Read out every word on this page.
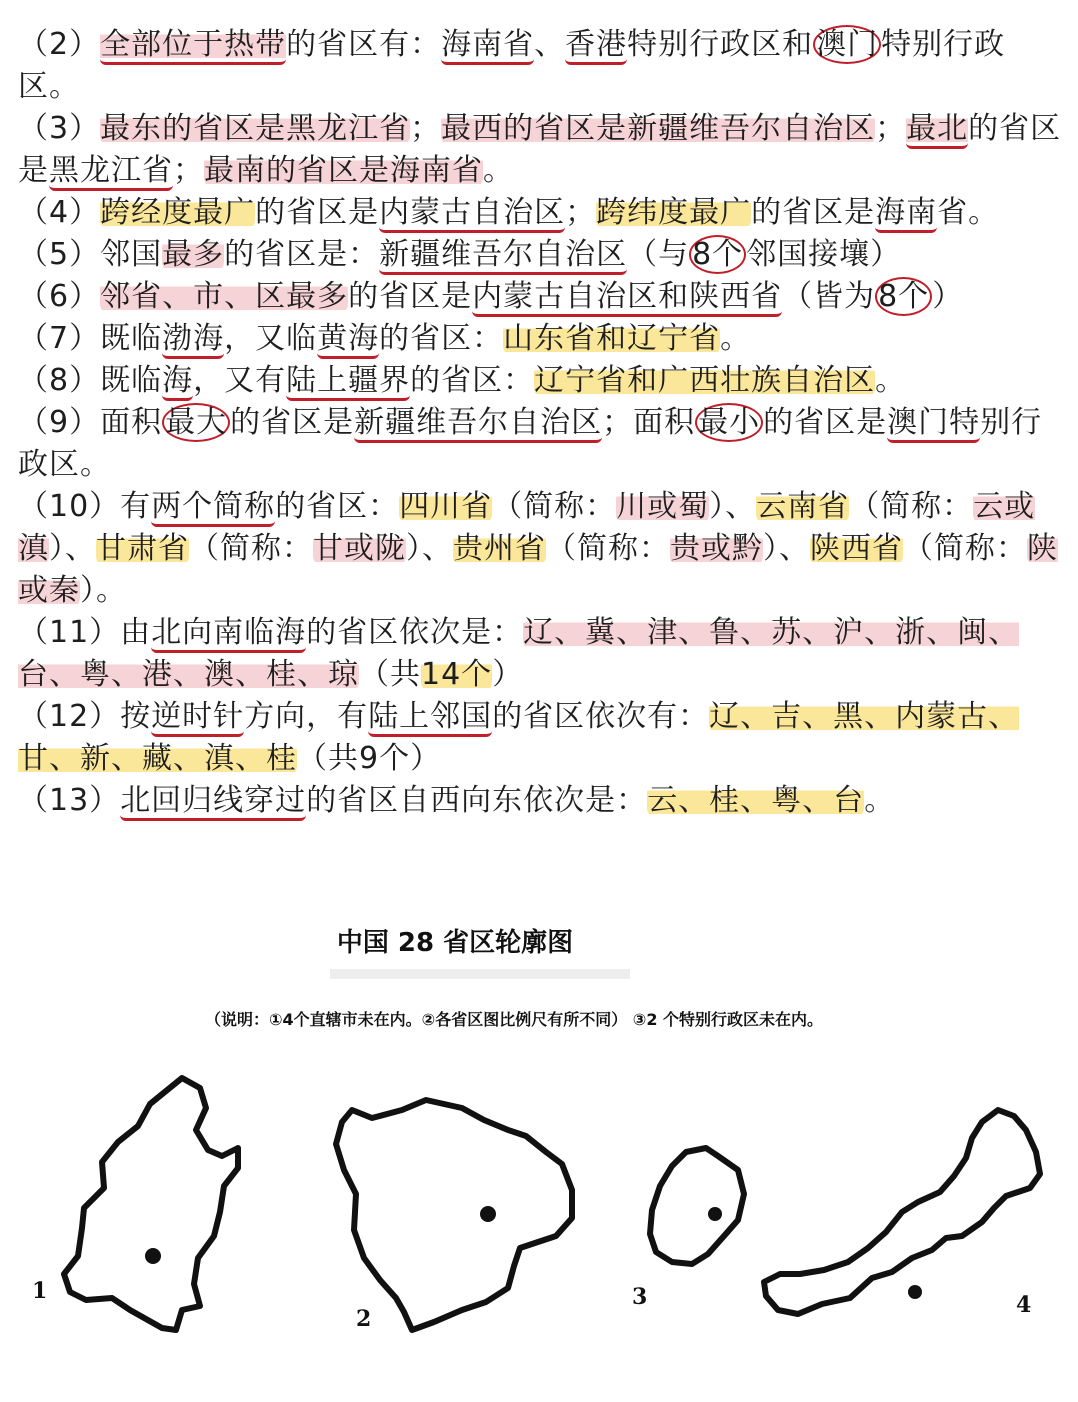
（2）全部位于热带的省区有：海南省、香港特别行政区和 澳门 特别行政区。

（3）最东的省区是黑龙江省；最西的省区是新疆维吾尔自治区；最北的省区是黑龙江省；最南的省区是海南省。

（4）跨经度最广的省区是内蒙古自治区；跨纬度最广的省区是海南省。

（5）邻国最多的省区是：新疆维吾尔自治区（与 8个 邻国接壤）

（6）邻省、市、区最多的省区是内蒙古自治区和陕西省（皆为 8个 ）

（7）既临渤海，又临黄海的省区：山东省和辽宁省。

（8）既临海，又有陆上疆界的省区：辽宁省和广西壮族自治区。

（9）面积 最大 的省区是新疆维吾尔自治区；面积 最小 的省区是澳门特别行政区。

（10）有两个简称的省区：四川省（简称：川或蜀）、云南省（简称：云或滇）、甘肃省（简称：甘或陇）、贵州省（简称：贵或黔）、陕西省（简称：陕或秦）。

（11）由北向南临海的省区依次是：辽、冀、津、鲁、苏、沪、浙、闽、台、粤、港、澳、桂、琼（共14个）

（12）按逆时针方向，有陆上邻国的省区依次有：辽、吉、黑、内蒙古、甘、新、藏、滇、桂（共9个）

（13）北回归线穿过的省区自西向东依次是：云、桂、粤、台。

中国 28 省区轮廓图
（说明：①4个直辖市未在内。②各省区图比例尺有所不同） ③2 个特别行政区未在内。
1
2
3	4
